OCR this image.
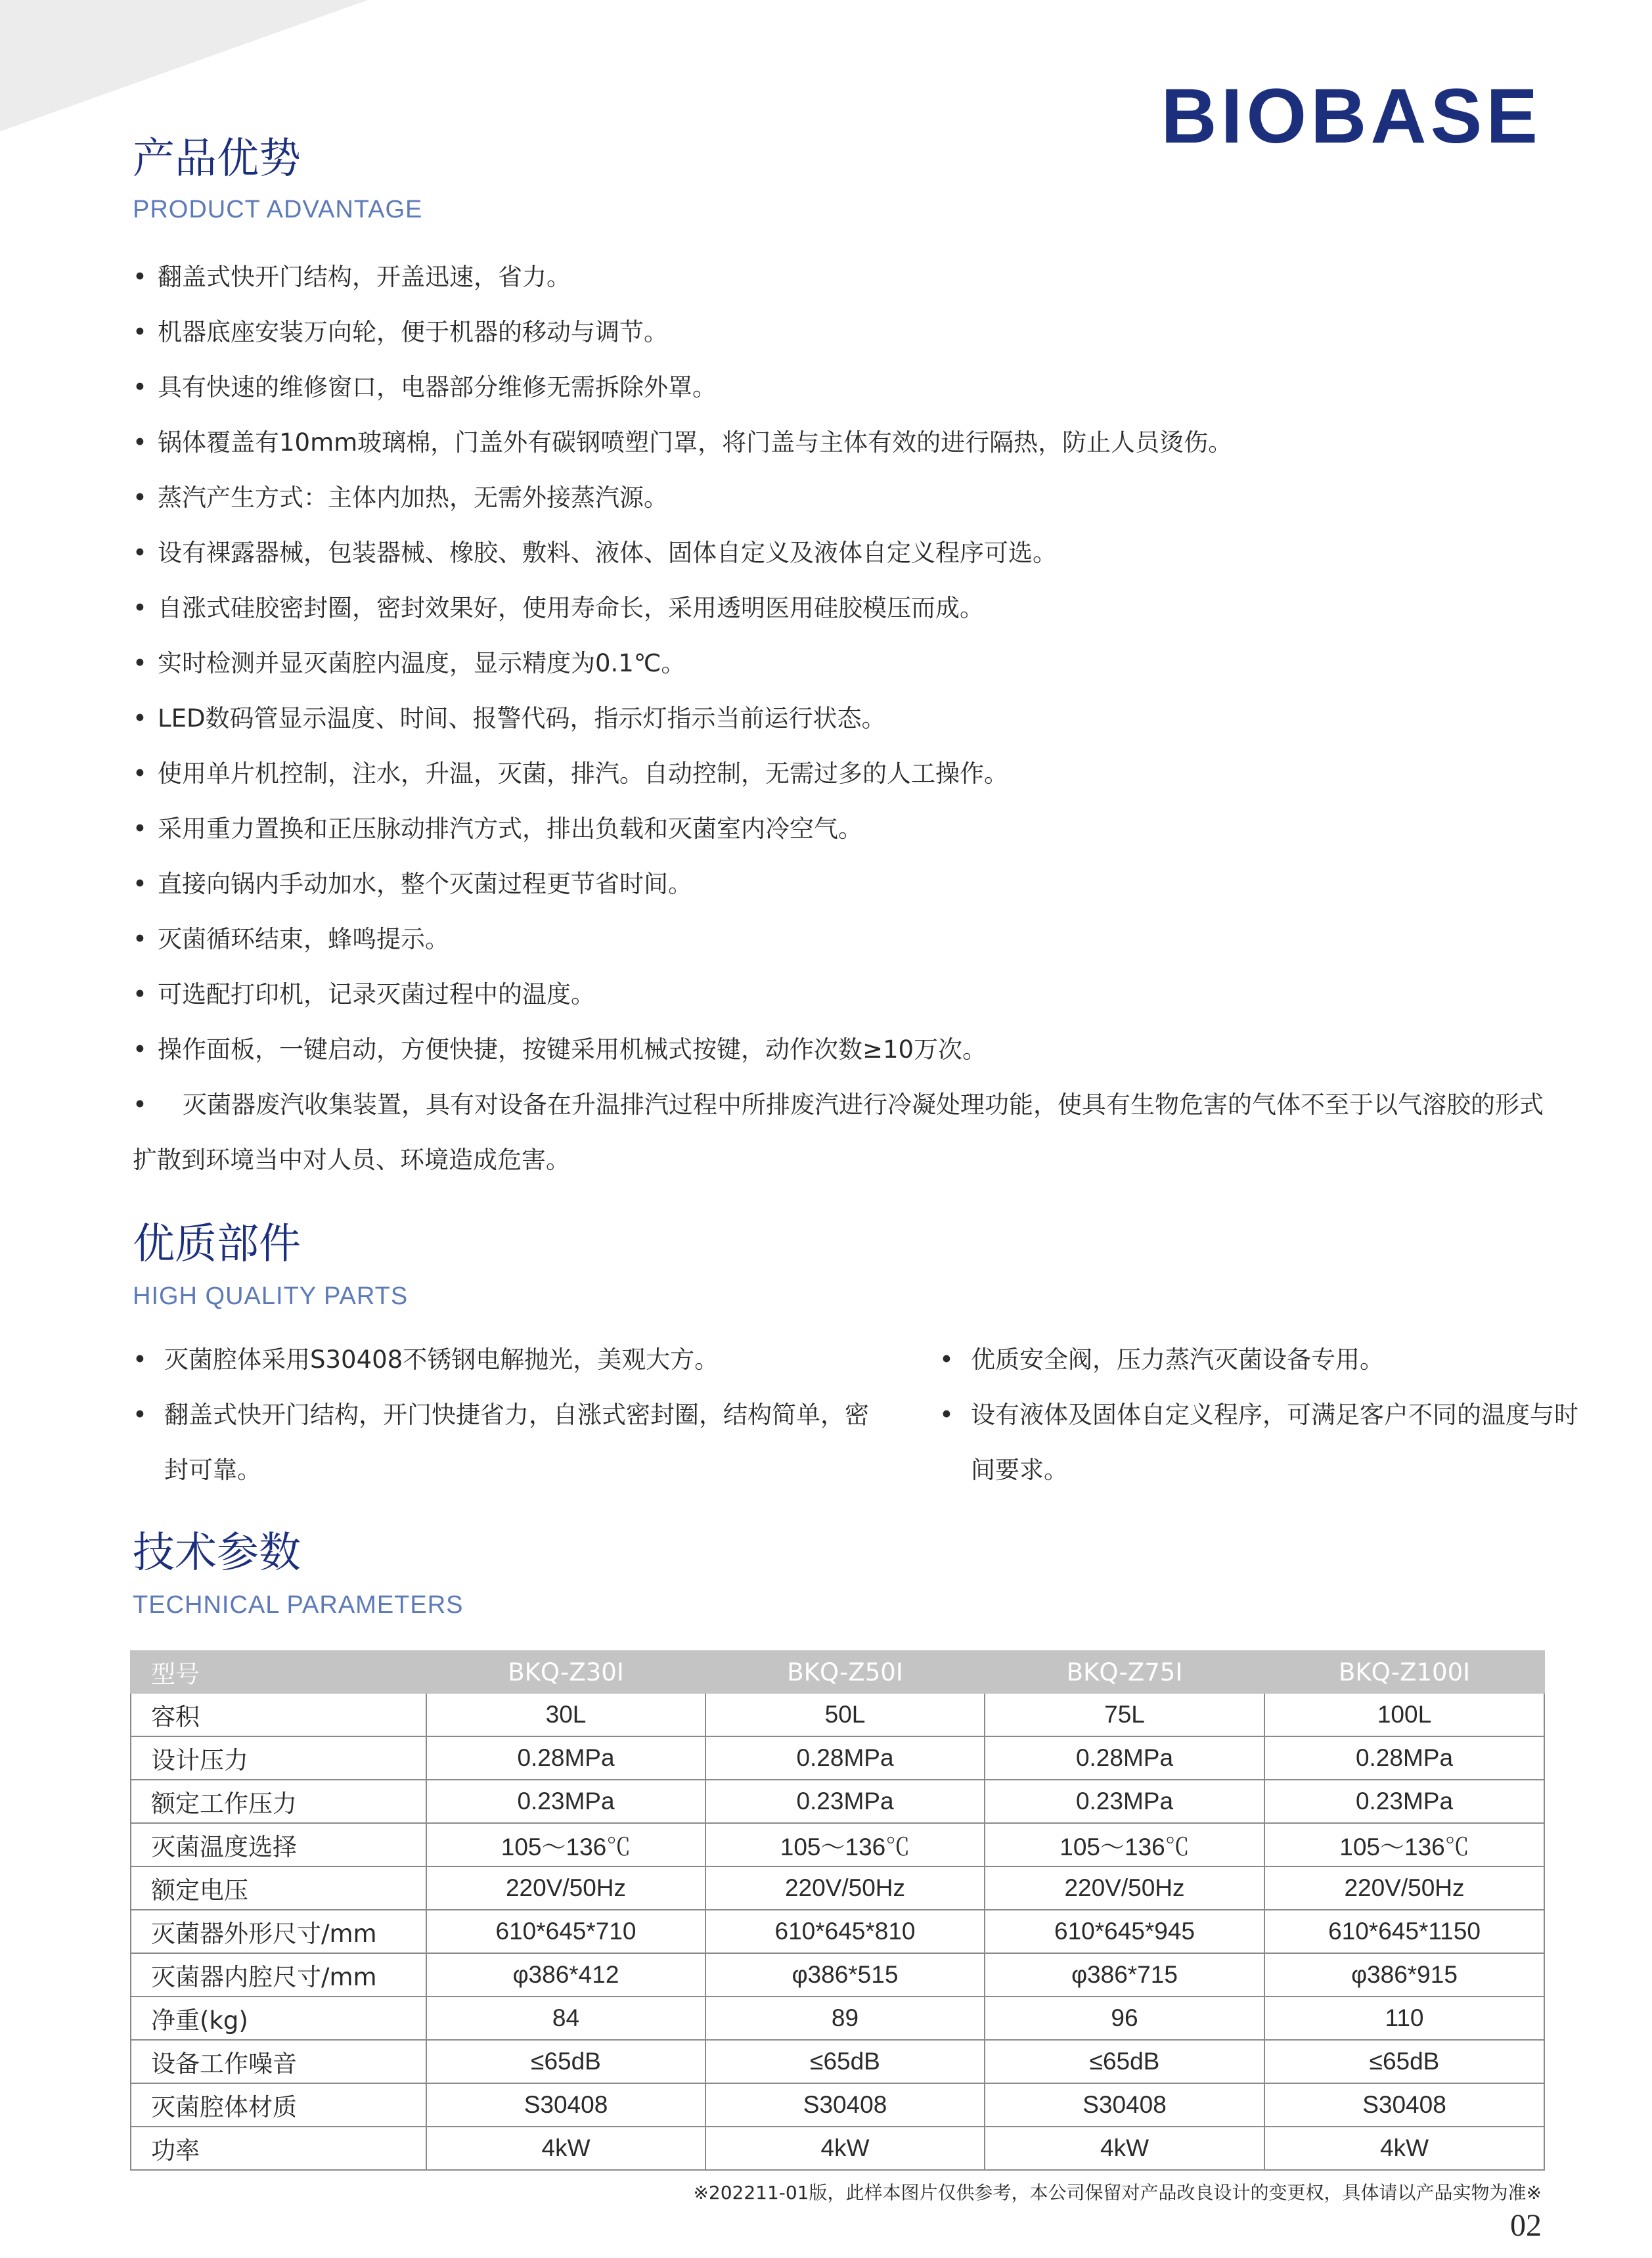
BIOBASE
产品优势
PRODUCT ADVANTAGE
• 翻盖式快开门结构，开盖迅速，省力。
• 机器底座安装万向轮，便于机器的移动与调节。
• 具有快速的维修窗口，电器部分维修无需拆除外罩。
• 锅体覆盖有10mm玻璃棉，门盖外有碳钢喷塑门罩，将门盖与主体有效的进行隔热，防止人员烫伤。
• 蒸汽产生方式：主体内加热，无需外接蒸汽源。
• 设有裸露器械，包装器械、橡胶、敷料、液体、固体自定义及液体自定义程序可选。
• 自涨式硅胶密封圈，密封效果好，使用寿命长，采用透明医用硅胶模压而成。
• 实时检测并显灭菌腔内温度，显示精度为0.1℃。
• LED数码管显示温度、时间、报警代码，指示灯指示当前运行状态。
• 使用单片机控制，注水，升温，灭菌，排汽。自动控制，无需过多的人工操作。
• 采用重力置换和正压脉动排汽方式，排出负载和灭菌室内冷空气。
• 直接向锅内手动加水，整个灭菌过程更节省时间。
• 灭菌循环结束，蜂鸣提示。
• 可选配打印机，记录灭菌过程中的温度。
• 操作面板，一键启动，方便快捷，按键采用机械式按键，动作次数≥10万次。
• 灭菌器废汽收集装置，具有对设备在升温排汽过程中所排废汽进行冷凝处理功能，使具有生物危害的气体不至于以气溶胶的形式扩散到环境当中对人员、环境造成危害。
优质部件
HIGH QUALITY PARTS
• 灭菌腔体采用S30408不锈钢电解抛光，美观大方。
• 翻盖式快开门结构，开门快捷省力，自涨式密封圈，结构简单，密封可靠。
• 优质安全阀，压力蒸汽灭菌设备专用。
• 设有液体及固体自定义程序，可满足客户不同的温度与时间要求。
技术参数
TECHNICAL PARAMETERS
型号	BKQ-Z30Ⅰ	BKQ-Z50Ⅰ	BKQ-Z75Ⅰ	BKQ-Z100Ⅰ
容积	30L	50L	75L	100L
设计压力	0.28MPa	0.28MPa	0.28MPa	0.28MPa
额定工作压力	0.23MPa	0.23MPa	0.23MPa	0.23MPa
灭菌温度选择	105～136℃	105～136℃	105～136℃	105～136℃
额定电压	220V/50Hz	220V/50Hz	220V/50Hz	220V/50Hz
灭菌器外形尺寸/mm	610*645*710	610*645*810	610*645*945	610*645*1150
灭菌器内腔尺寸/mm	φ386*412	φ386*515	φ386*715	φ386*915
净重(kg)	84	89	96	110
设备工作噪音	≤65dB	≤65dB	≤65dB	≤65dB
灭菌腔体材质	S30408	S30408	S30408	S30408
功率	4kW	4kW	4kW	4kW
※202211-01版，此样本图片仅供参考，本公司保留对产品改良设计的变更权，具体请以产品实物为准※
02
